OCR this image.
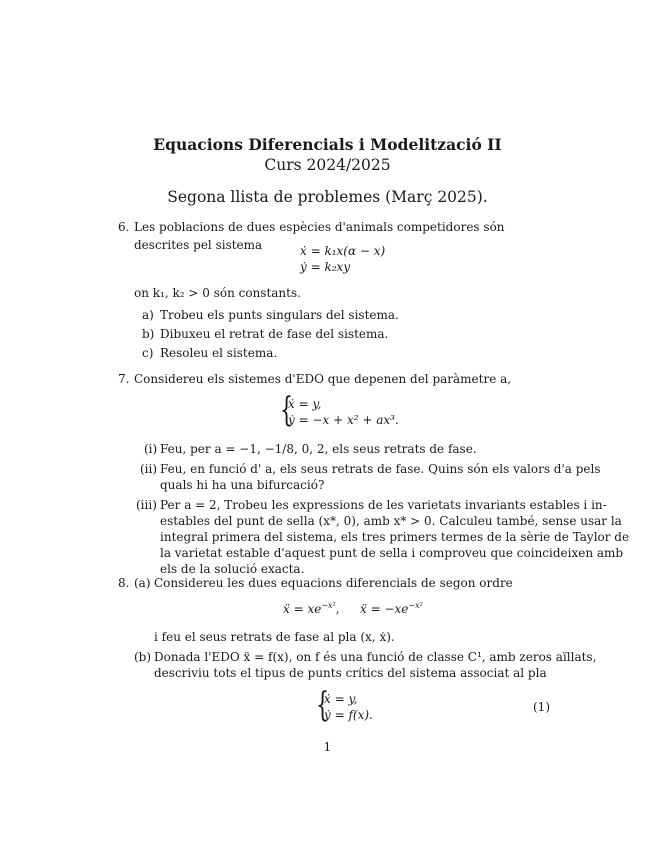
Equacions Diferencials i Modelització II
Curs 2024/2025
Segona llista de problemes (Març 2025).
6. Les poblacions de dues espècies d'animals competidores són descrites pel sistema	ẋ = k₁x(α − x)
ẏ = k₂xy
on k₁, k₂ > 0 són constants.
a) Trobeu els punts singulars del sistema.
b) Dibuxeu el retrat de fase del sistema.
c) Resoleu el sistema.
7. Considereu els sistemes d'EDO que depenen del paràmetre a,
{
ẋ = y,
ẏ = −x + x² + ax³.
(i) Feu, per a = −1, −1/8, 0, 2, els seus retrats de fase.
(ii) Feu, en funció d' a, els seus retrats de fase. Quins són els valors d'a pels
quals hi ha una bifurcació?
(iii) Per a = 2, Trobeu les expressions de les varietats invariants estables i in-
estables del punt de sella (x*, 0), amb x* > 0. Calculeu també, sense usar la
integral primera del sistema, els tres primers termes de la sèrie de Taylor de
la varietat estable d'aquest punt de sella i comproveu que coincideixen amb
els de la solució exacta.
8. (a) Considereu les dues equacions diferencials de segon ordre
ẍ = $xe^{-x^2}$, ẍ = $-xe^{-x^2}$
i feu el seus retrats de fase al pla (x, ẋ).
(b) Donada l'EDO ẍ = f(x), on f és una funció de classe C¹, amb zeros aïllats,
descriviu tots el tipus de punts crítics del sistema associat al pla
{
ẋ = y,
ẏ = f(x).
(1)
1
